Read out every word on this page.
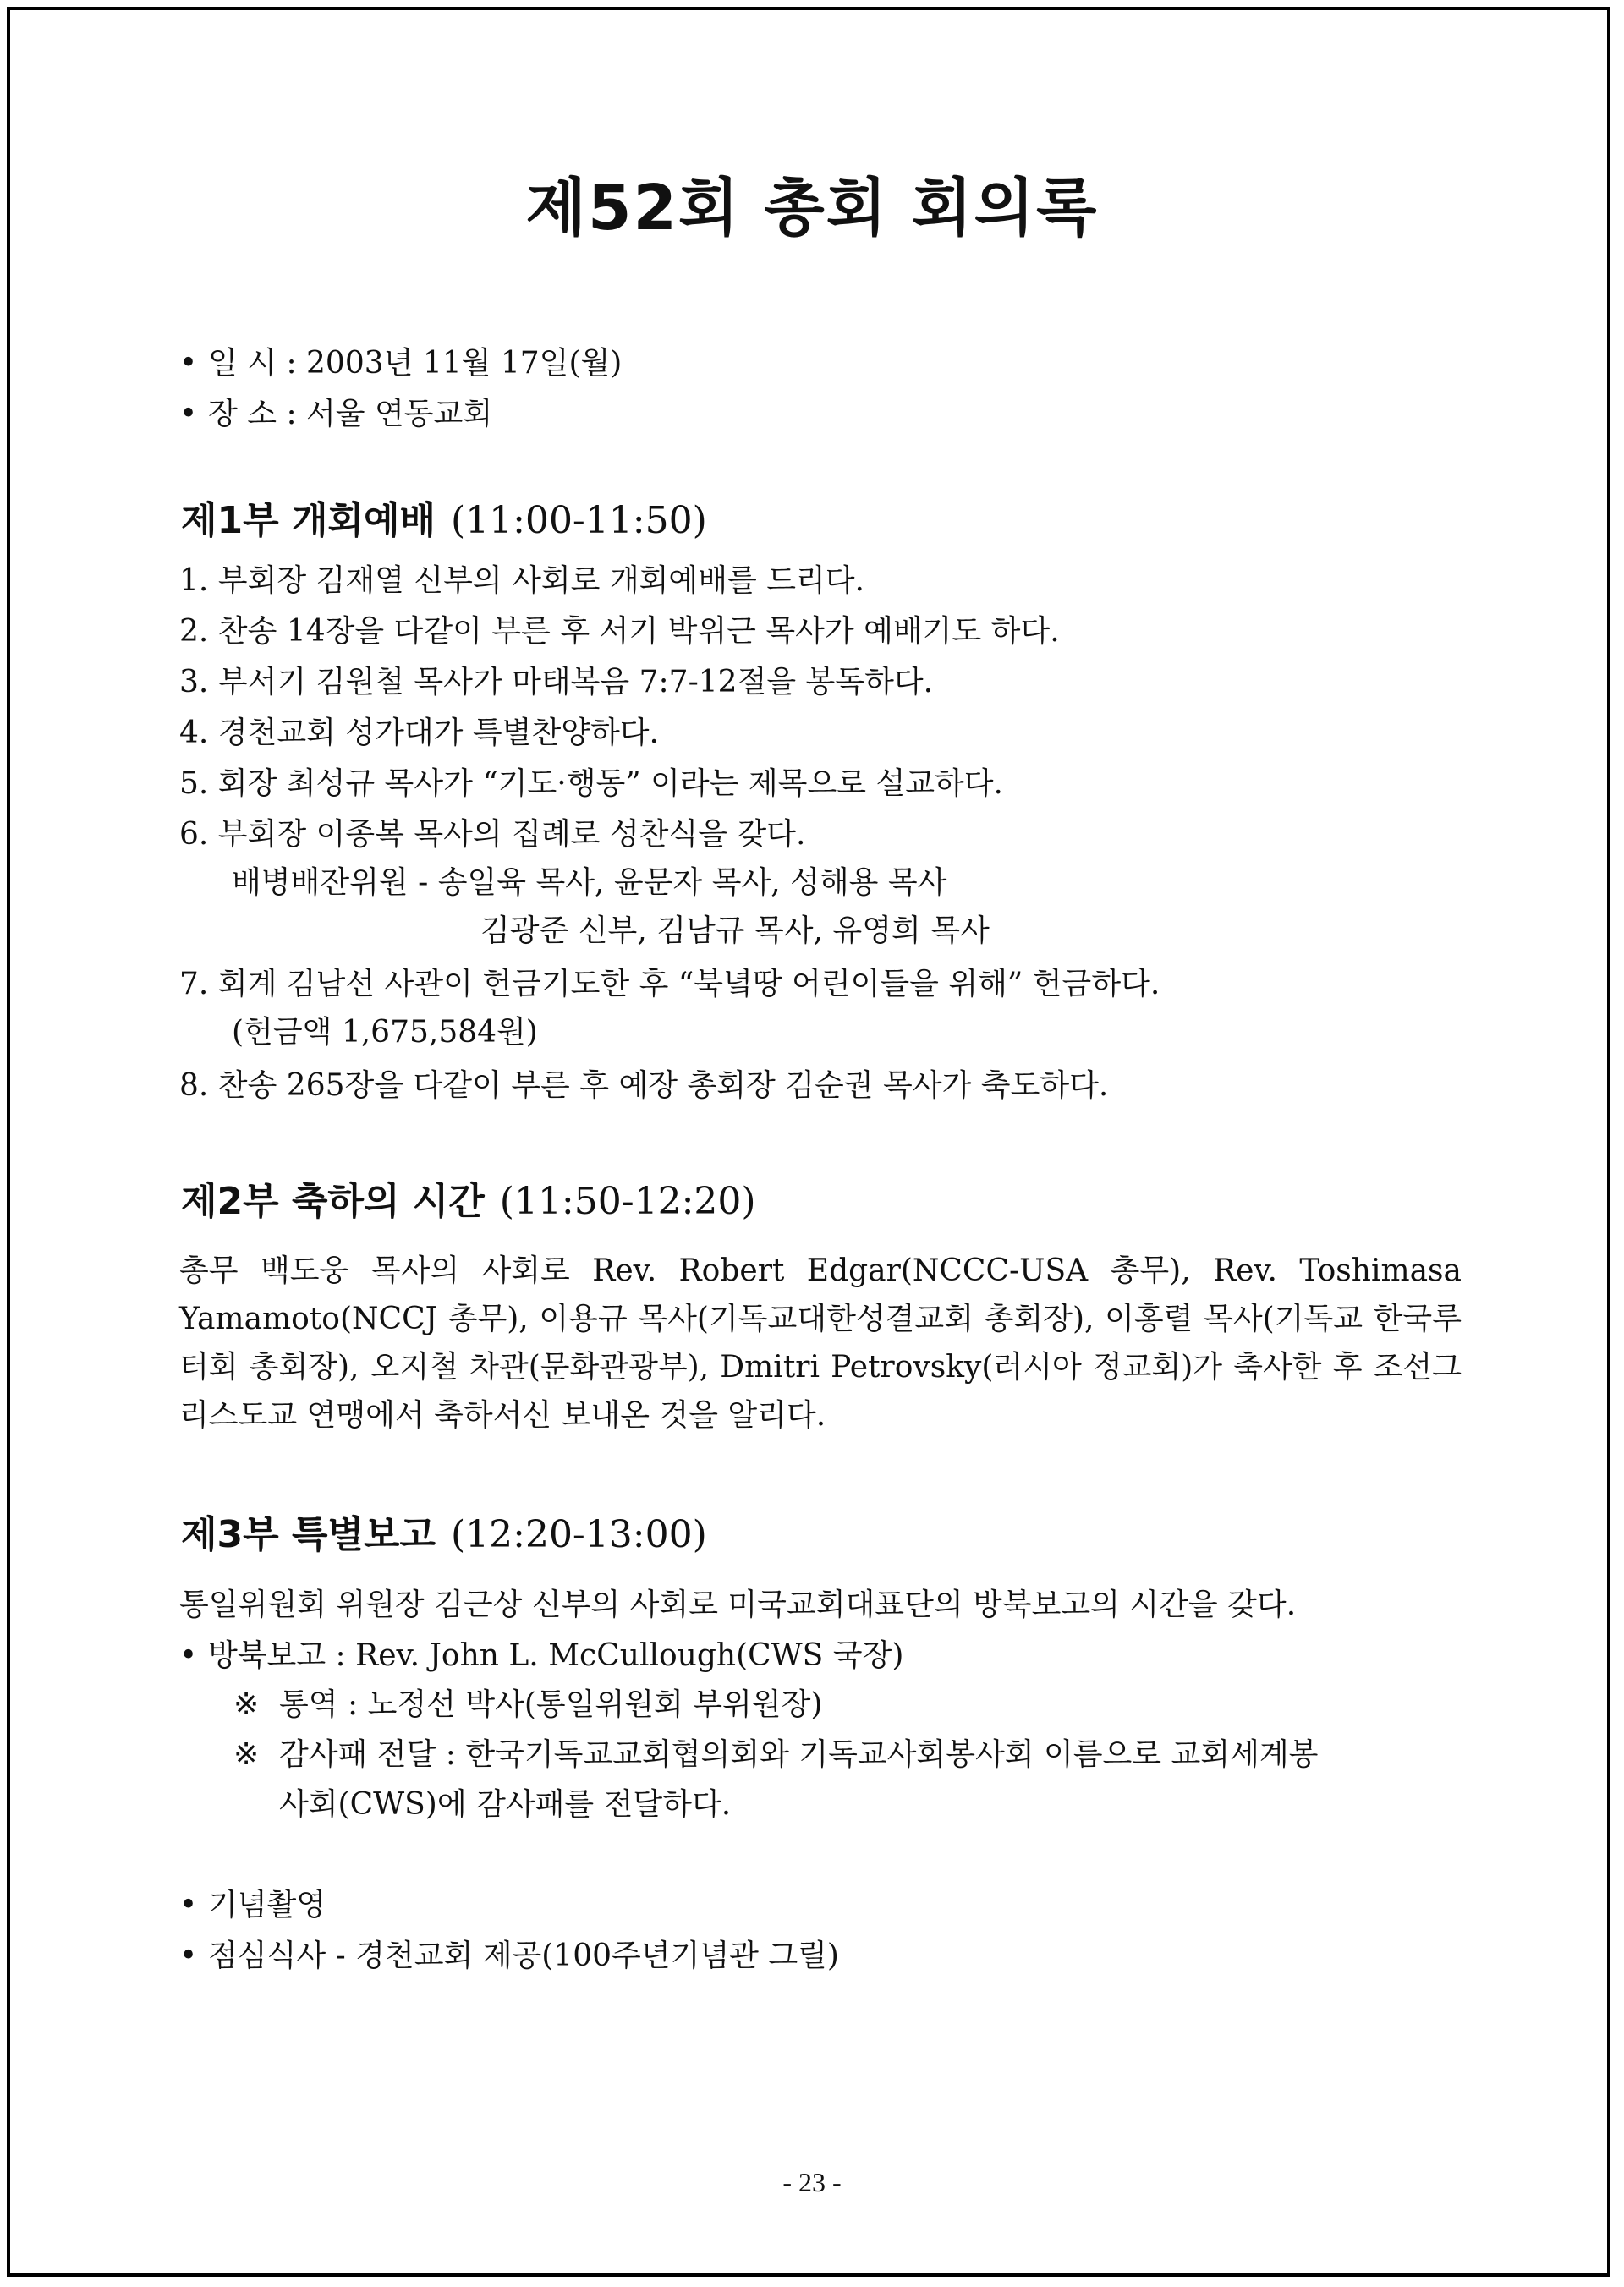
제52회 총회 회의록
• 일 시 : 2003년 11월 17일(월)
• 장 소 : 서울 연동교회
제1부 개회예배 (11:00-11:50)
1. 부회장 김재열 신부의 사회로 개회예배를 드리다.
2. 찬송 14장을 다같이 부른 후 서기 박위근 목사가 예배기도 하다.
3. 부서기 김원철 목사가 마태복음 7:7-12절을 봉독하다.
4. 경천교회 성가대가 특별찬양하다.
5. 회장 최성규 목사가 “기도·행동” 이라는 제목으로 설교하다.
6. 부회장 이종복 목사의 집례로 성찬식을 갖다.
배병배잔위원 - 송일육 목사, 윤문자 목사, 성해용 목사
김광준 신부, 김남규 목사, 유영희 목사
7. 회계 김남선 사관이 헌금기도한 후 “북녘땅 어린이들을 위해” 헌금하다.
(헌금액 1,675,584원)
8. 찬송 265장을 다같이 부른 후 예장 총회장 김순권 목사가 축도하다.
제2부 축하의 시간 (11:50-12:20)
총무 백도웅 목사의 사회로 Rev. Robert Edgar(NCCC-USA 총무), Rev. Toshimasa Yamamoto(NCCJ 총무), 이용규 목사(기독교대한성결교회 총회장), 이홍렬 목사(기독교 한국루터회 총회장), 오지철 차관(문화관광부), Dmitri Petrovsky(러시아 정교회)가 축사한 후 조선그리스도교 연맹에서 축하서신 보내온 것을 알리다.
제3부 특별보고 (12:20-13:00)
통일위원회 위원장 김근상 신부의 사회로 미국교회대표단의 방북보고의 시간을 갖다.
• 방북보고 : Rev. John L. McCullough(CWS 국장)
※ 통역 : 노정선 박사(통일위원회 부위원장)
※ 감사패 전달 : 한국기독교교회협의회와 기독교사회봉사회 이름으로 교회세계봉
사회(CWS)에 감사패를 전달하다.
• 기념촬영
• 점심식사 - 경천교회 제공(100주년기념관 그릴)
- 23 -
